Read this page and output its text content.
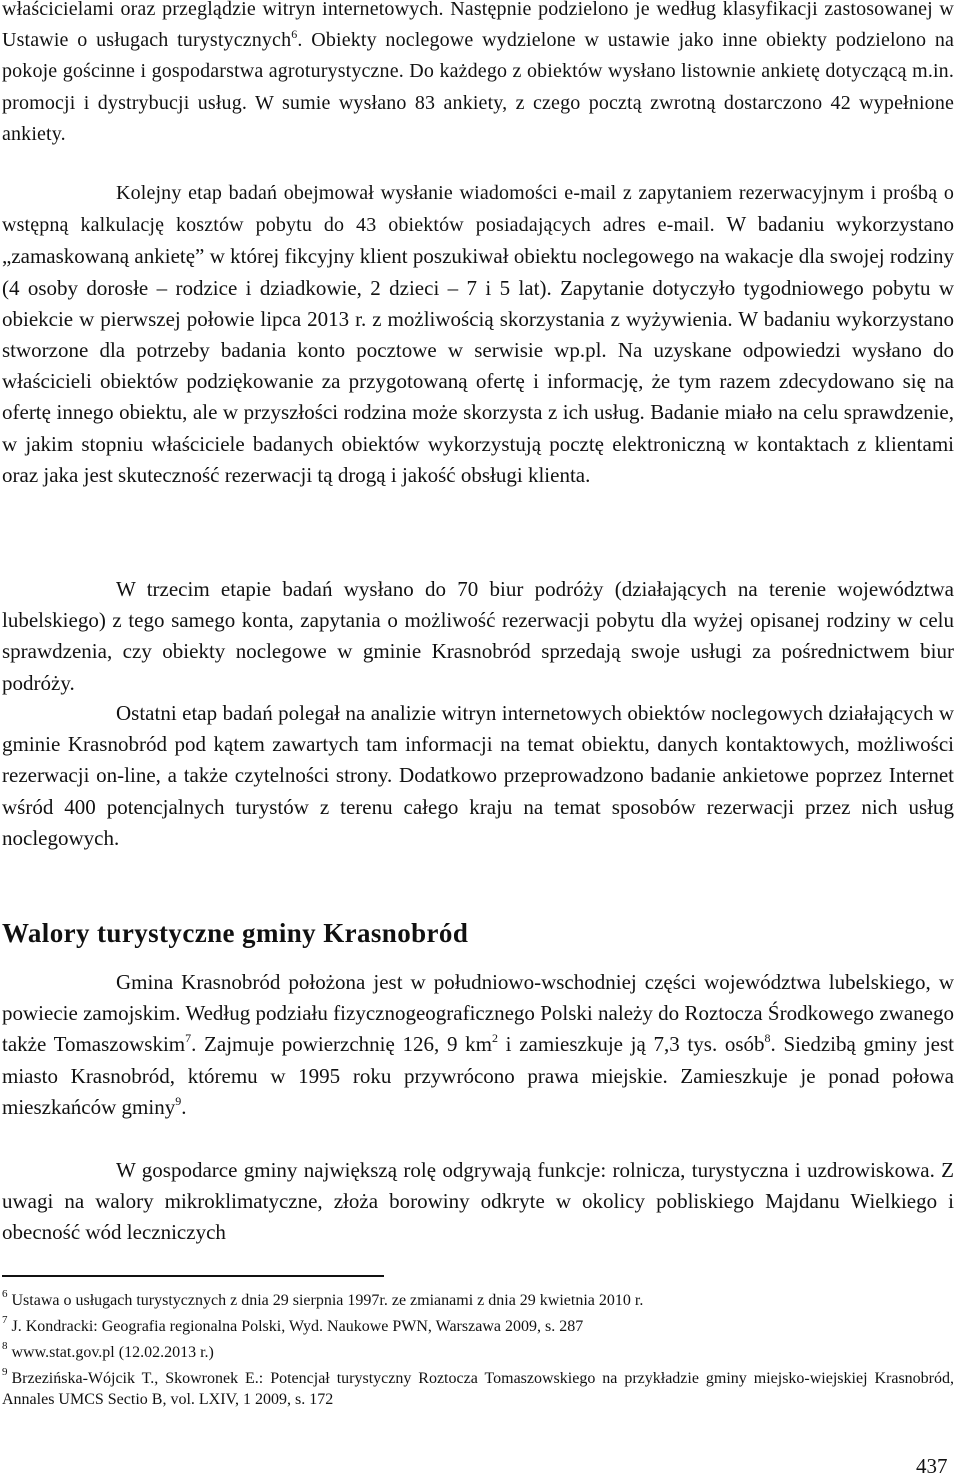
właścicielami oraz przeglądzie witryn internetowych. Następnie podzielono je według klasyfikacji zastosowanej w Ustawie o usługach turystycznych$^6$. Obiekty noclegowe wydzielone w ustawie jako inne obiekty podzielono na pokoje gościnne i gospodarstwa agroturystyczne. Do każdego z obiektów wysłano listownie ankietę dotyczącą m.in. promocji i dystrybucji usług. W sumie wysłano 83 ankiety, z czego pocztą zwrotną dostarczono 42 wypełnione ankiety.

Kolejny etap badań obejmował wysłanie wiadomości e-mail z zapytaniem rezerwacyjnym i prośbą o wstępną kalkulację kosztów pobytu do 43 obiektów posiadających adres e-mail. W badaniu wykorzystano „zamaskowaną ankietę” w której fikcyjny klient poszukiwał obiektu noclegowego na wakacje dla swojej rodziny (4 osoby dorosłe – rodzice i dziadkowie, 2 dzieci – 7 i 5 lat). Zapytanie dotyczyło tygodniowego pobytu w obiekcie w pierwszej połowie lipca 2013 r. z możliwością skorzystania z wyżywienia. W badaniu wykorzystano stworzone dla potrzeby badania konto pocztowe w serwisie wp.pl. Na uzyskane odpowiedzi wysłano do właścicieli obiektów podziękowanie za przygotowaną ofertę i informację, że tym razem zdecydowano się na ofertę innego obiektu, ale w przyszłości rodzina może skorzysta z ich usług. Badanie miało na celu sprawdzenie, w jakim stopniu właściciele badanych obiektów wykorzystują pocztę elektroniczną w kontaktach z klientami oraz jaka jest skuteczność rezerwacji tą drogą i jakość obsługi klienta.

W trzecim etapie badań wysłano do 70 biur podróży (działających na terenie województwa lubelskiego) z tego samego konta, zapytania o możliwość rezerwacji pobytu dla wyżej opisanej rodziny w celu sprawdzenia, czy obiekty noclegowe w gminie Krasnobród sprzedają swoje usługi za pośrednictwem biur podróży.

Ostatni etap badań polegał na analizie witryn internetowych obiektów noclegowych działających w gminie Krasnobród pod kątem zawartych tam informacji na temat obiektu, danych kontaktowych, możliwości rezerwacji on-line, a także czytelności strony. Dodatkowo przeprowadzono badanie ankietowe poprzez Internet wśród 400 potencjalnych turystów z terenu całego kraju na temat sposobów rezerwacji przez nich usług noclegowych.

Walory turystyczne gminy Krasnobród

Gmina Krasnobród położona jest w południowo-wschodniej części województwa lubelskiego, w powiecie zamojskim. Według podziału fizycznogeograficznego Polski należy do Roztocza Środkowego zwanego także Tomaszowskim$^7$. Zajmuje powierzchnię 126, 9 $km^2$ i zamieszkuje ją 7,3 tys. osób$^8$. Siedzibą gminy jest miasto Krasnobród, któremu w 1995 roku przywrócono prawa miejskie. Zamieszkuje je ponad połowa mieszkańców gminy$^9$.

W gospodarce gminy największą rolę odgrywają funkcje: rolnicza, turystyczna i uzdrowiskowa. Z uwagi na walory mikroklimatyczne, złoża borowiny odkryte w okolicy pobliskiego Majdanu Wielkiego i obecność wód leczniczych

$^6$ Ustawa o usługach turystycznych z dnia 29 sierpnia 1997r. ze zmianami z dnia 29 kwietnia 2010 r.
$^7$ J. Kondracki: Geografia regionalna Polski, Wyd. Naukowe PWN, Warszawa 2009, s. 287
$^8$ www.stat.gov.pl (12.02.2013 r.)
$^9$ Brzezińska-Wójcik T., Skowronek E.: Potencjał turystyczny Roztocza Tomaszowskiego na przykładzie gminy miejsko-wiejskiej Krasnobród, Annales UMCS Sectio B, vol. LXIV, 1 2009, s. 172
437
